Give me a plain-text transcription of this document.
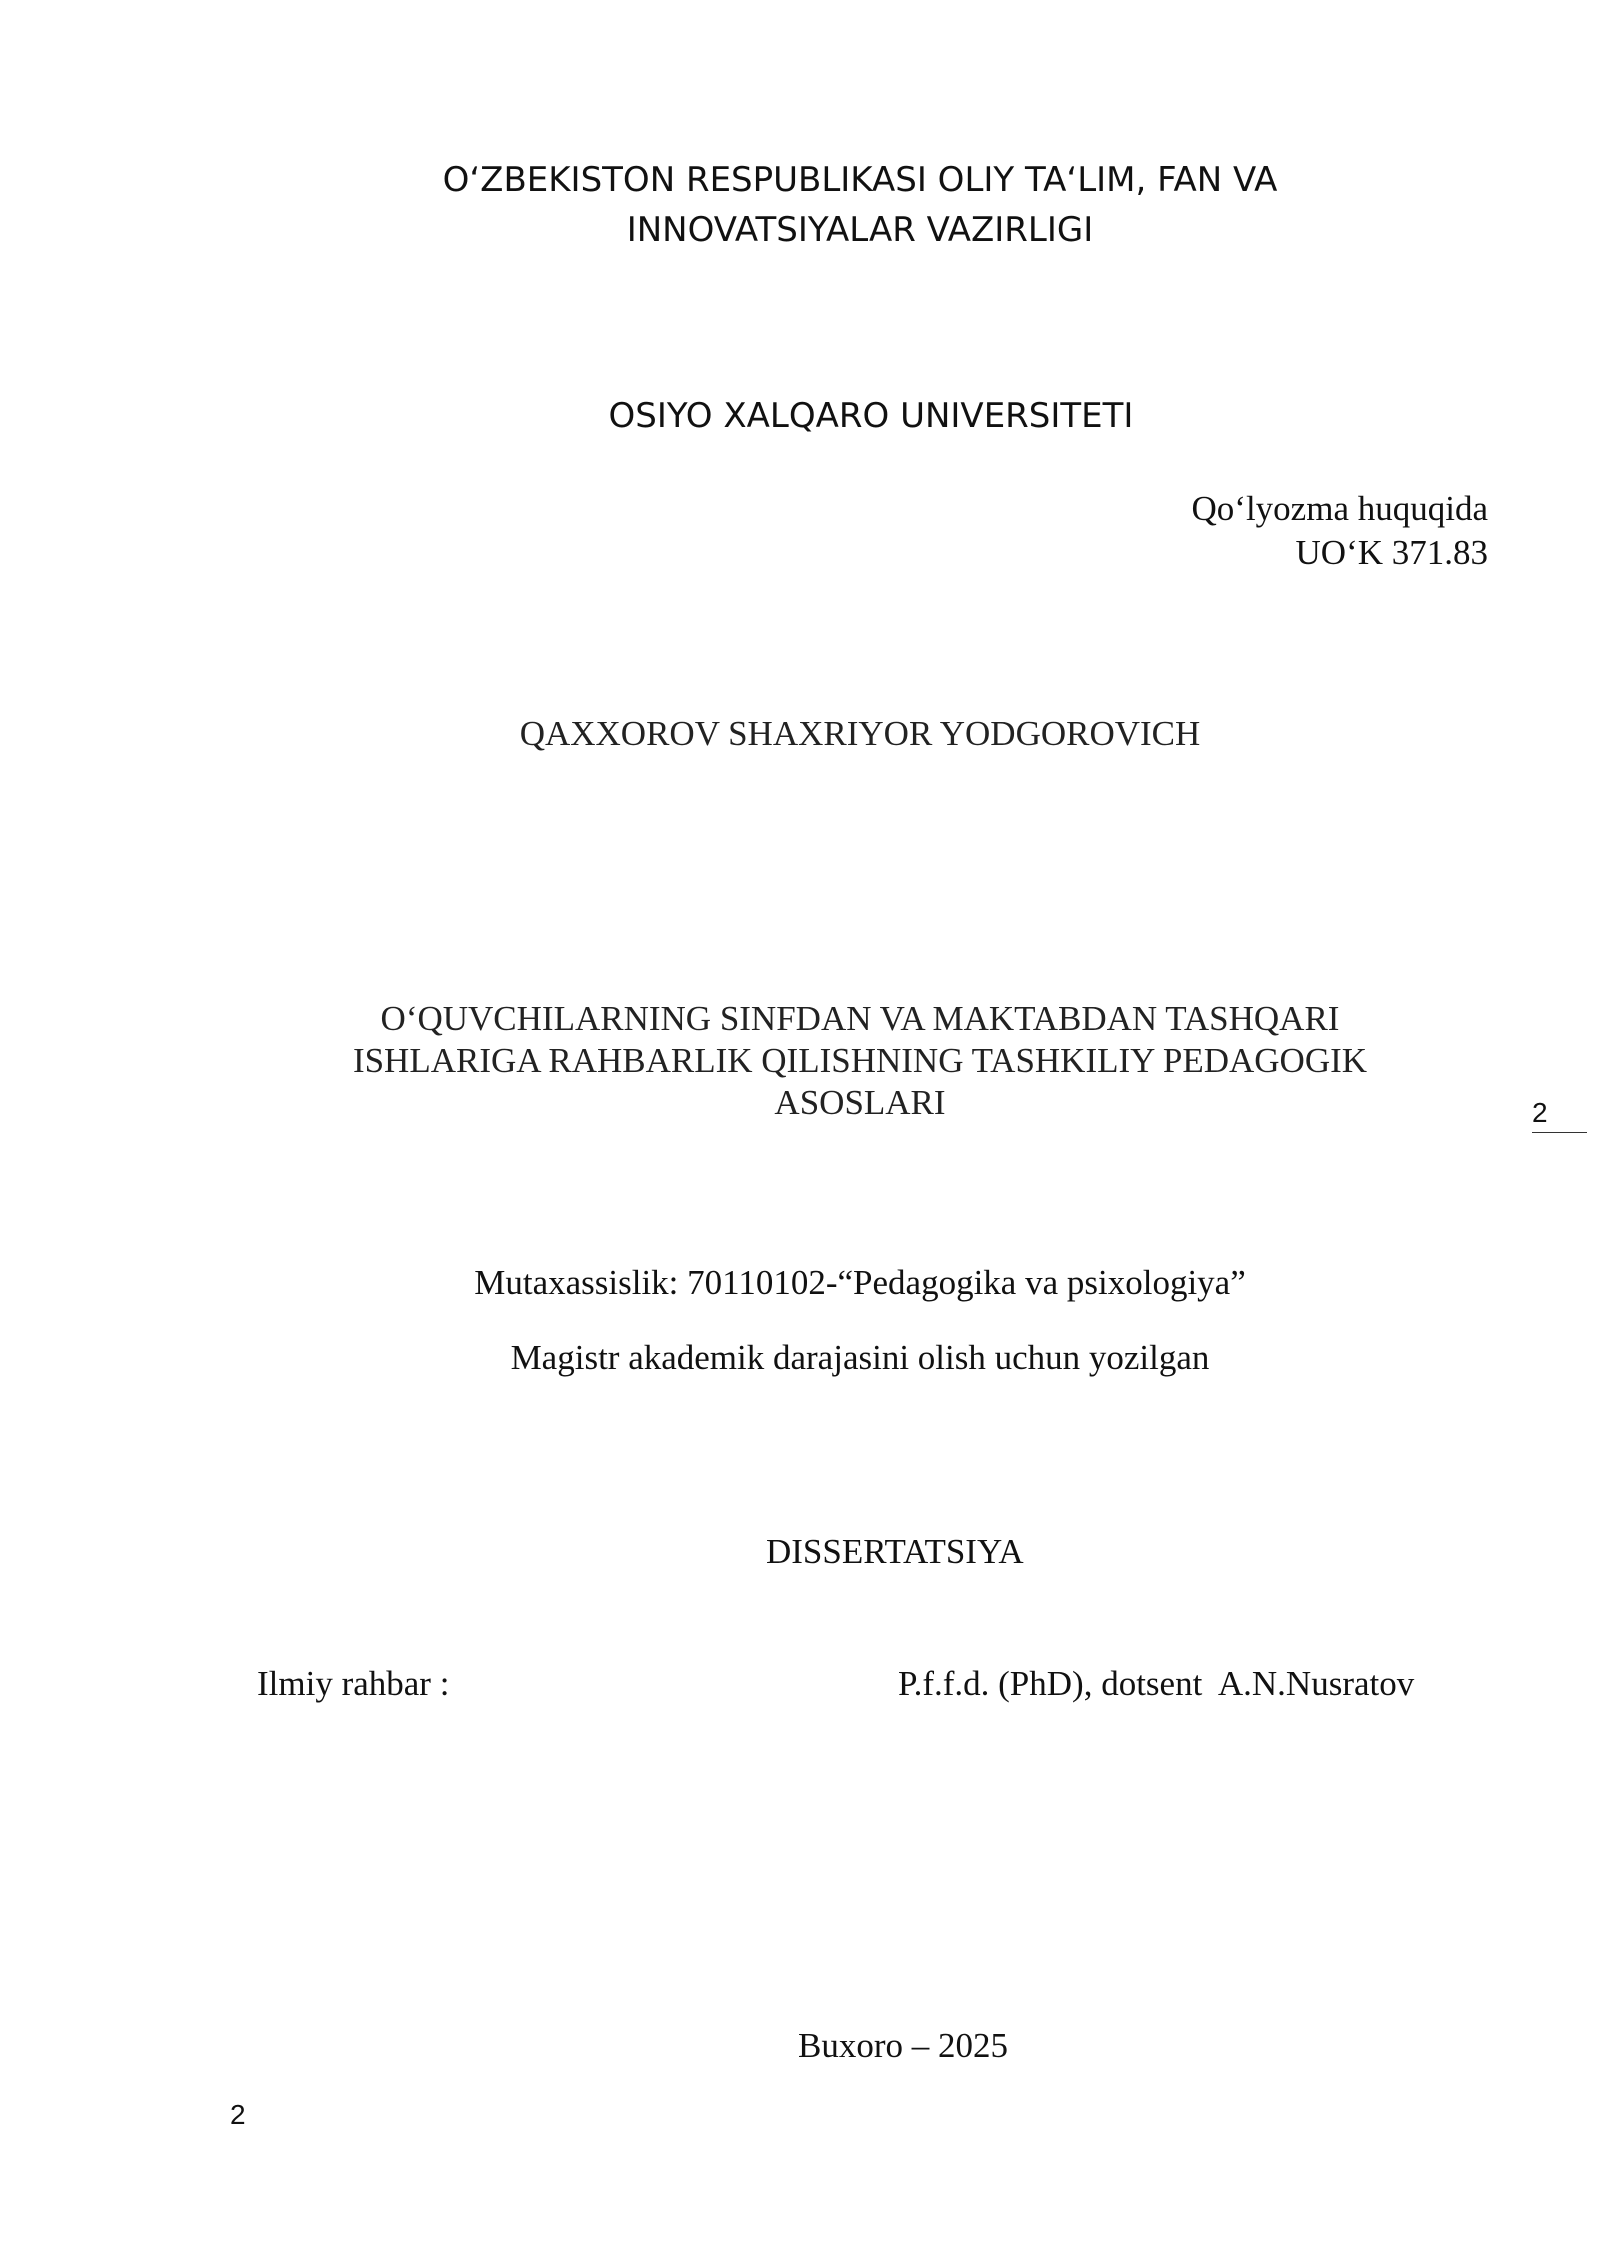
O‘ZBEKISTON RESPUBLIKASI OLIY TA‘LIM, FAN VA
INNOVATSIYALAR VAZIRLIGI
OSIYO XALQARO UNIVERSITETI
Qo‘lyozma huquqida
UO‘K 371.83
QAXXOROV SHAXRIYOR YODGOROVICH
O‘QUVCHILARNING SINFDAN VA MAKTABDAN TASHQARI
ISHLARIGA RAHBARLIK QILISHNING TASHKILIY PEDAGOGIK
ASOSLARI	2
Mutaxassislik: 70110102-“Pedagogika va psixologiya”
Magistr akademik darajasini olish uchun yozilgan
DISSERTATSIYA
Ilmiy rahbar :	P.f.f.d. (PhD), dotsent  A.N.Nusratov
Buxoro – 2025
2
